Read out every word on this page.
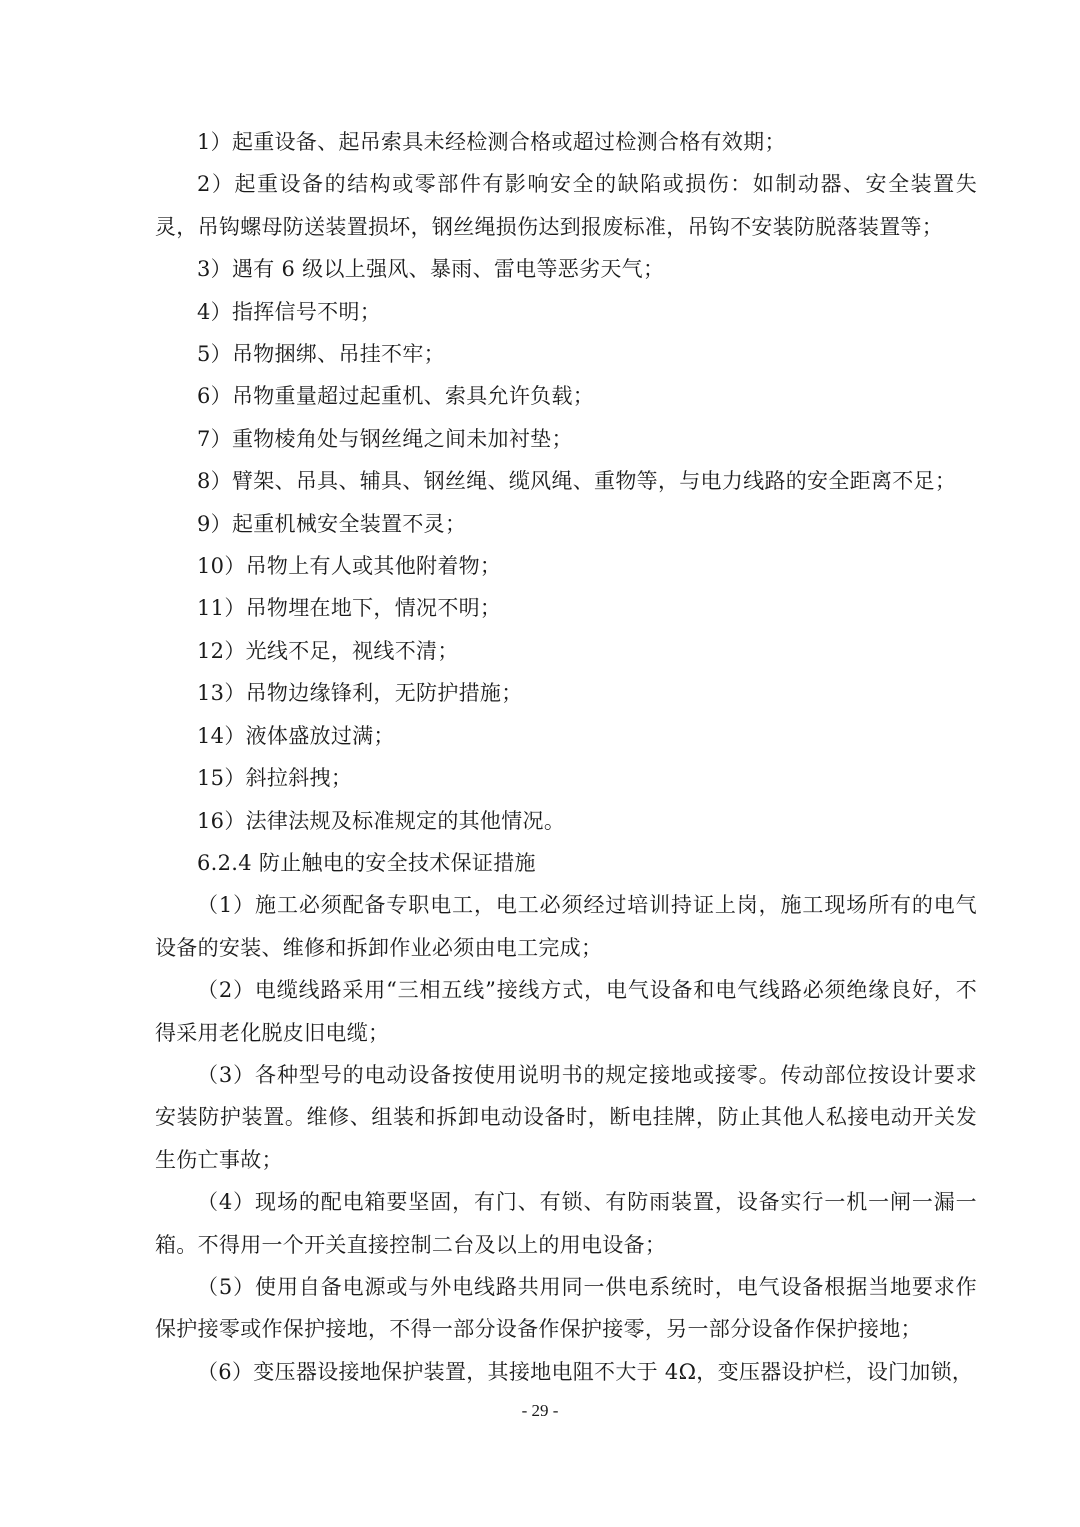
1）起重设备、起吊索具未经检测合格或超过检测合格有效期；

2）起重设备的结构或零部件有影响安全的缺陷或损伤：如制动器、安全装置失灵，吊钩螺母防送装置损坏，钢丝绳损伤达到报废标准，吊钩不安装防脱落装置等；

3）遇有 6 级以上强风、暴雨、雷电等恶劣天气；

4）指挥信号不明；

5）吊物捆绑、吊挂不牢；

6）吊物重量超过起重机、索具允许负载；

7）重物棱角处与钢丝绳之间未加衬垫；

8）臂架、吊具、辅具、钢丝绳、缆风绳、重物等，与电力线路的安全距离不足；

9）起重机械安全装置不灵；

10）吊物上有人或其他附着物；

11）吊物埋在地下，情况不明；

12）光线不足，视线不清；

13）吊物边缘锋利，无防护措施；

14）液体盛放过满；

15）斜拉斜拽；

16）法律法规及标准规定的其他情况。

6.2.4 防止触电的安全技术保证措施

（1）施工必须配备专职电工，电工必须经过培训持证上岗，施工现场所有的电气设备的安装、维修和拆卸作业必须由电工完成；

（2）电缆线路采用“三相五线”接线方式，电气设备和电气线路必须绝缘良好，不得采用老化脱皮旧电缆；

（3）各种型号的电动设备按使用说明书的规定接地或接零。传动部位按设计要求安装防护装置。维修、组装和拆卸电动设备时，断电挂牌，防止其他人私接电动开关发生伤亡事故；

（4）现场的配电箱要坚固，有门、有锁、有防雨装置，设备实行一机一闸一漏一箱。不得用一个开关直接控制二台及以上的用电设备；

（5）使用自备电源或与外电线路共用同一供电系统时，电气设备根据当地要求作保护接零或作保护接地，不得一部分设备作保护接零，另一部分设备作保护接地；

（6）变压器设接地保护装置，其接地电阻不大于 4Ω，变压器设护栏，设门加锁，

- 29 -
